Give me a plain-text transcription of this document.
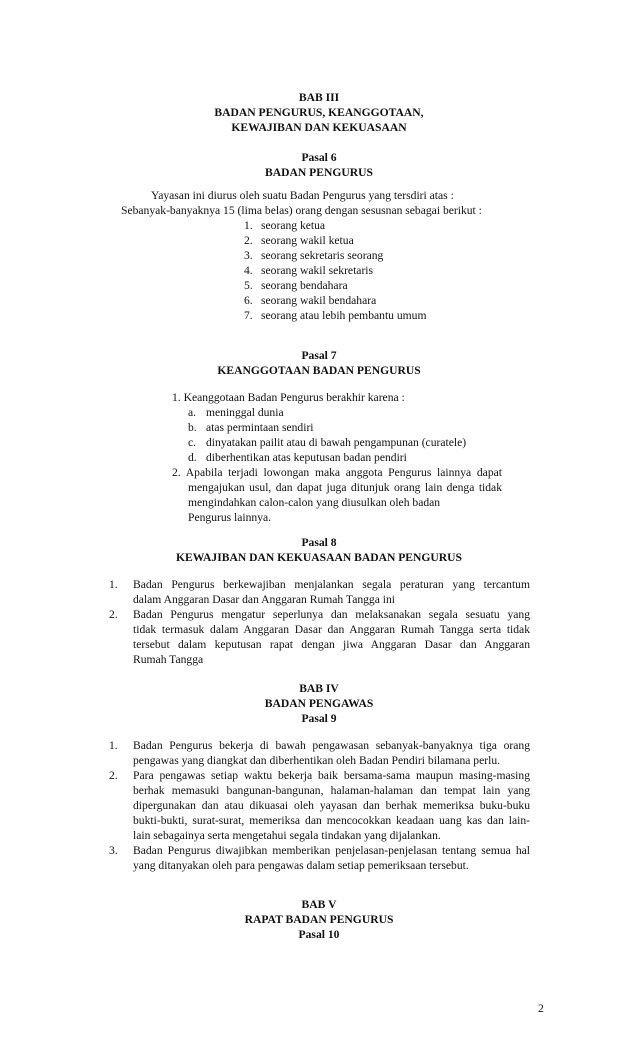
BAB III
BADAN PENGURUS, KEANGGOTAAN,
KEWAJIBAN DAN KEKUASAAN
Pasal 6
BADAN PENGURUS
Yayasan ini diurus oleh suatu Badan Pengurus yang tersdiri atas :
Sebanyak-banyaknya 15 (lima belas) orang dengan sesusnan sebagai berikut :
1. seorang ketua
2. seorang wakil ketua
3. seorang sekretaris seorang
4. seorang wakil sekretaris
5. seorang bendahara
6. seorang wakil bendahara
7. seorang atau lebih pembantu umum
Pasal 7
KEANGGOTAAN BADAN PENGURUS
1. Keanggotaan Badan Pengurus berakhir karena :
a. meninggal dunia
b. atas permintaan sendiri
c. dinyatakan pailit atau di bawah pengampunan (curatele)
d. diberhentikan atas keputusan badan pendiri
2. Apabila terjadi lowongan maka anggota Pengurus lainnya dapat
mengajukan usul, dan dapat juga ditunjuk orang lain denga tidak
mengindahkan calon-calon yang diusulkan oleh badan
Pengurus lainnya.
Pasal 8
KEWAJIBAN DAN KEKUASAAN BADAN PENGURUS
1. Badan Pengurus berkewajiban menjalankan segala peraturan yang tercantum
dalam Anggaran Dasar dan Anggaran Rumah Tangga ini
2. Badan Pengurus mengatur seperlunya dan melaksanakan segala sesuatu yang
tidak termasuk dalam Anggaran Dasar dan Anggaran Rumah Tangga serta tidak
tersebut dalam keputusan rapat dengan jiwa Anggaran Dasar dan Anggaran
Rumah Tangga
BAB IV
BADAN PENGAWAS
Pasal 9
1. Badan Pengurus bekerja di bawah pengawasan sebanyak-banyaknya tiga orang
pengawas yang diangkat dan diberhentikan oleh Badan Pendiri bilamana perlu.
2. Para pengawas setiap waktu bekerja baik bersama-sama maupun masing-masing
berhak memasuki bangunan-bangunan, halaman-halaman dan tempat lain yang
dipergunakan dan atau dikuasai oleh yayasan dan berhak memeriksa buku-buku
bukti-bukti, surat-surat, memeriksa dan mencocokkan keadaan uang kas dan lain-
lain sebagainya serta mengetahui segala tindakan yang dijalankan.
3. Badan Pengurus diwajibkan memberikan penjelasan-penjelasan tentang semua hal
yang ditanyakan oleh para pengawas dalam setiap pemeriksaan tersebut.
BAB V
RAPAT BADAN PENGURUS
Pasal 10
2
